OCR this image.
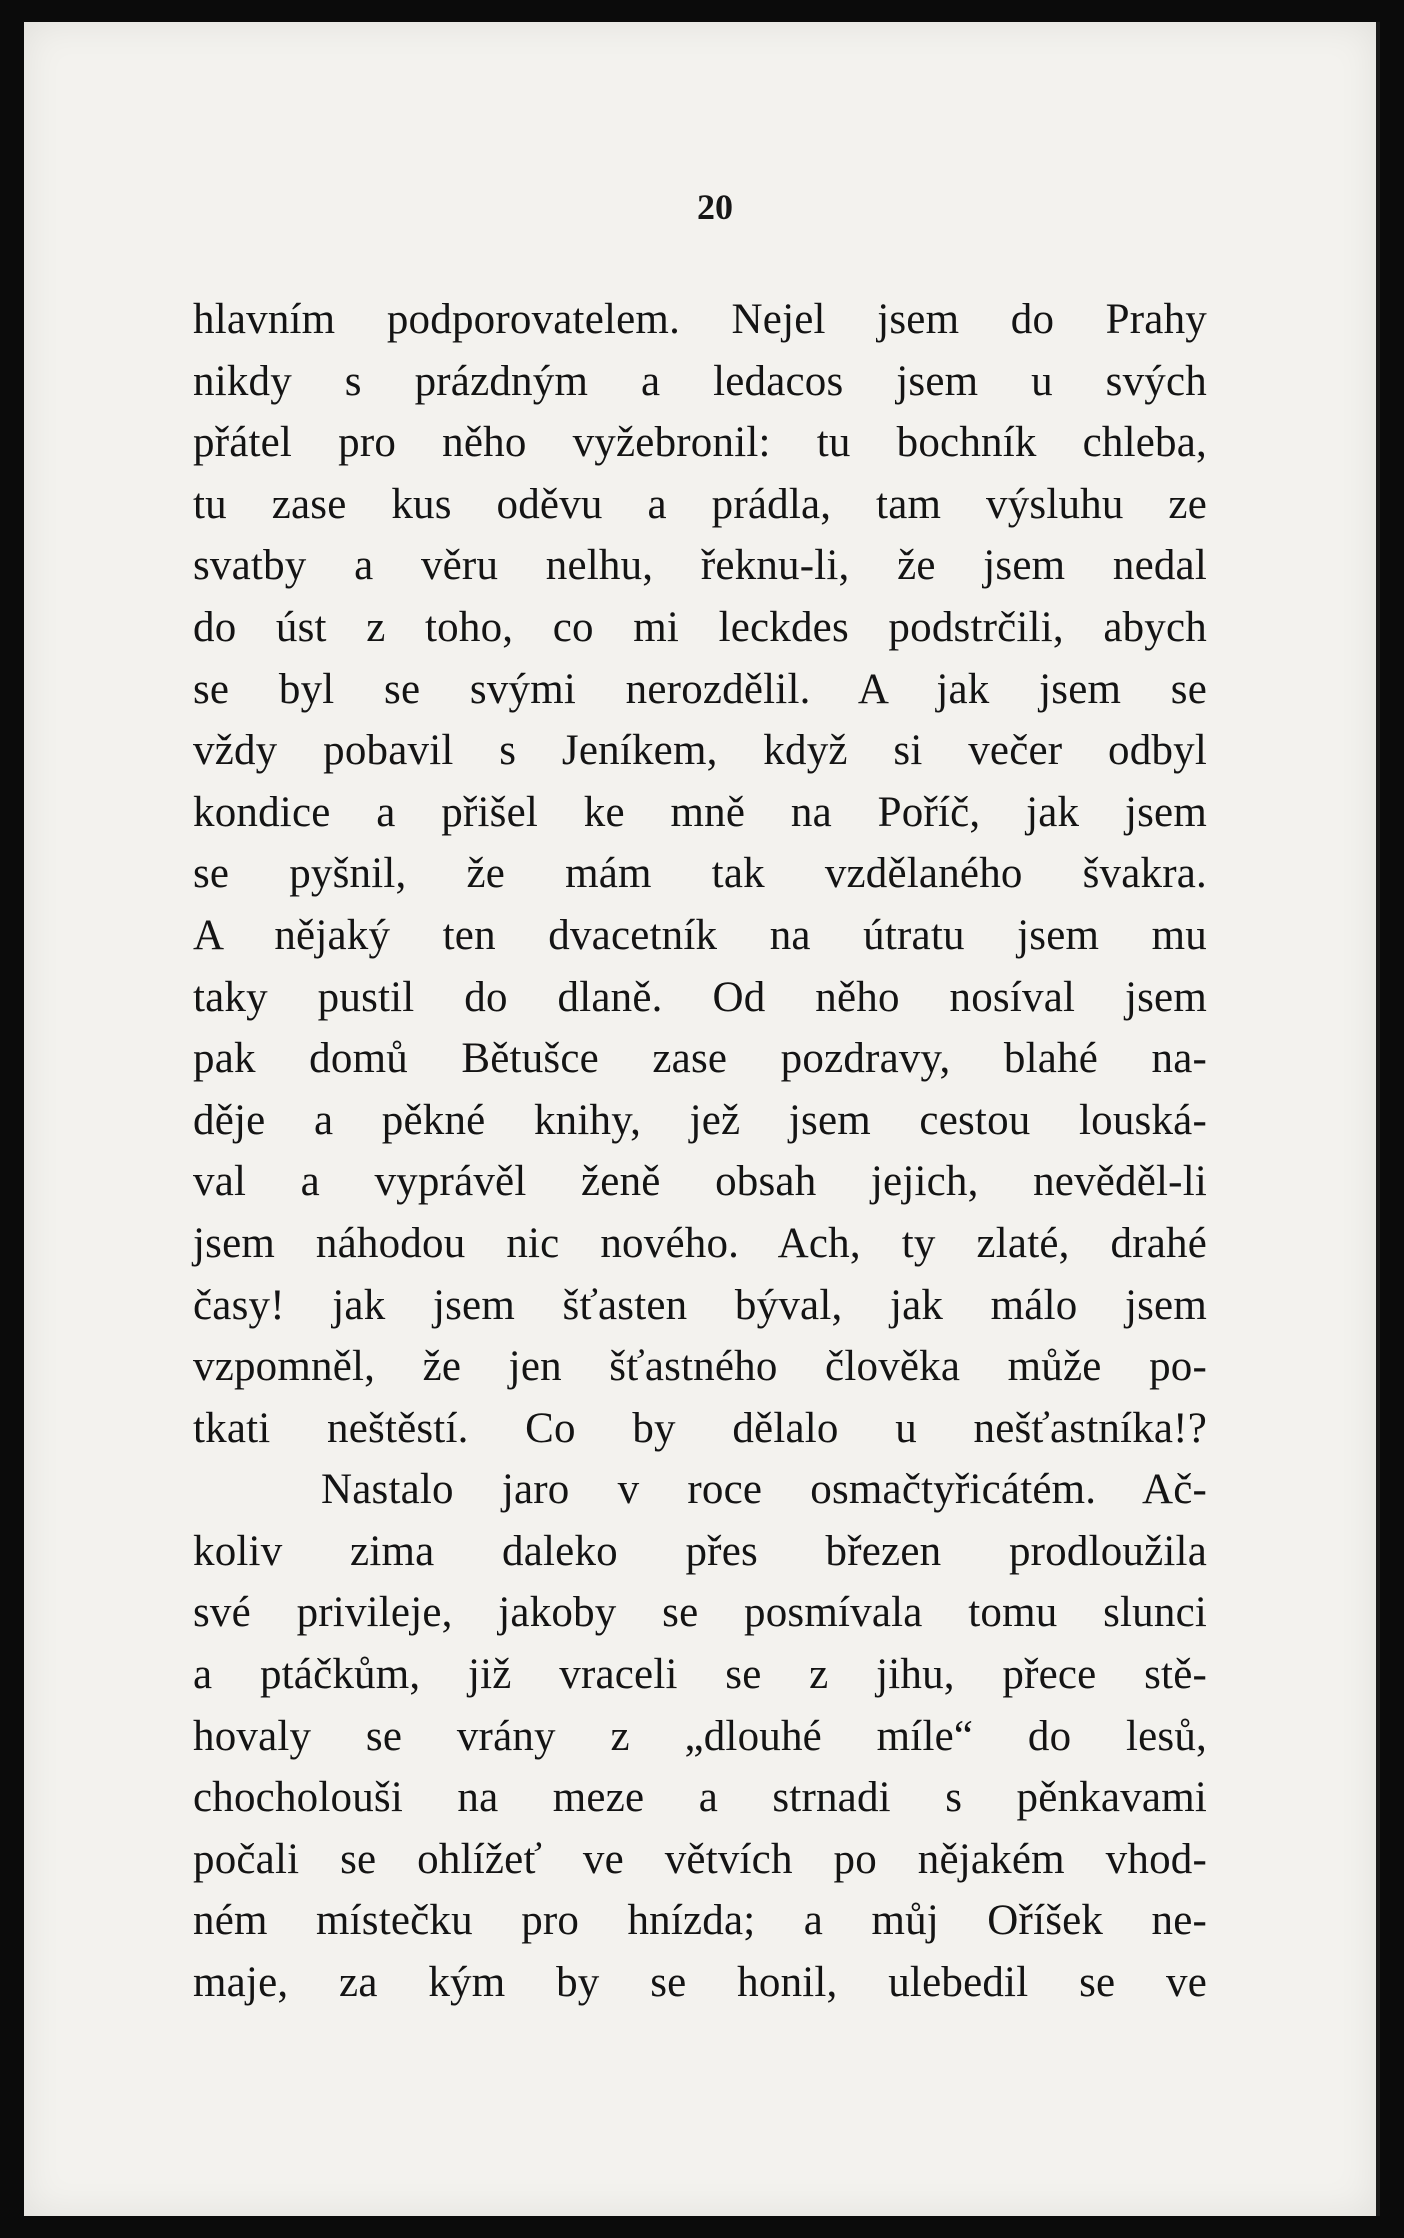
20
hlavním podporovatelem. Nejel jsem do Prahy
nikdy s prázdným a ledacos jsem u svých
přátel pro něho vyžebronil: tu bochník chleba,
tu zase kus oděvu a prádla, tam výsluhu ze
svatby a věru nelhu, řeknu-li, že jsem nedal
do úst z toho, co mi leckdes podstrčili, abych
se byl se svými nerozdělil. A jak jsem se
vždy pobavil s Jeníkem, když si večer odbyl
kondice a přišel ke mně na Poříč, jak jsem
se pyšnil, že mám tak vzdělaného švakra.
A nějaký ten dvacetník na útratu jsem mu
taky pustil do dlaně. Od něho nosíval jsem
pak domů Bětušce zase pozdravy, blahé na-
děje a pěkné knihy, jež jsem cestou louská-
val a vyprávěl ženě obsah jejich, nevěděl-li
jsem náhodou nic nového. Ach, ty zlaté, drahé
časy! jak jsem šťasten býval, jak málo jsem
vzpomněl, že jen šťastného člověka může po-
tkati neštěstí. Co by dělalo u nešťastníka!?
Nastalo jaro v roce osmačtyřicátém. Ač-
koliv zima daleko přes březen prodloužila
své privileje, jakoby se posmívala tomu slunci
a ptáčkům, již vraceli se z jihu, přece stě-
hovaly se vrány z „dlouhé míle“ do lesů,
chocholouši na meze a strnadi s pěnkavami
počali se ohlížeť ve větvích po nějakém vhod-
ném místečku pro hnízda; a můj Oříšek ne-
maje, za kým by se honil, ulebedil se ve
